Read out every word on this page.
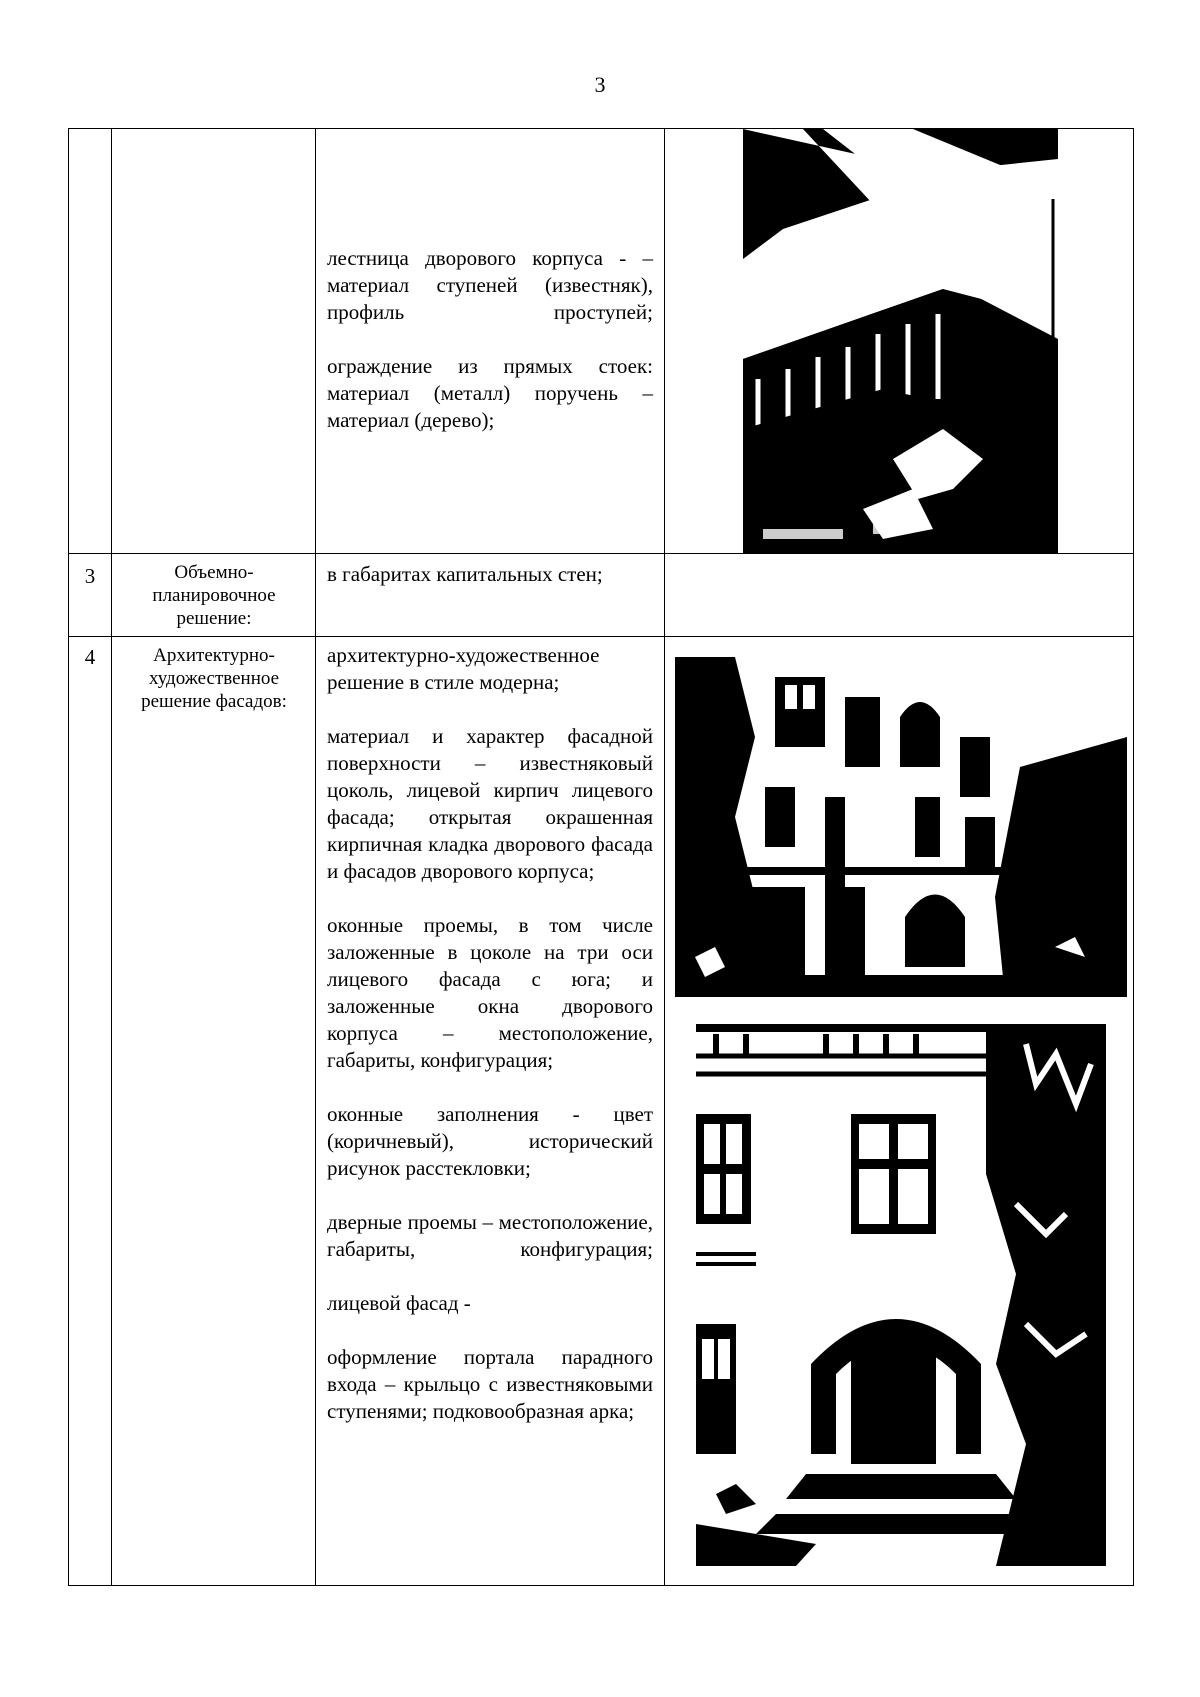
3

лестница дворового корпуса - – материал ступеней (известняк), профиль проступей;

ограждение из прямых стоек: материал (металл) поручень – материал (дерево);

3	Объемно-планировочное решение:

в габаритах капитальных стен;

4	Архитектурно-художественное решение фасадов:

архитектурно-художественное решение в стиле модерна;

материал и характер фасадной поверхности – известняковый цоколь, лицевой кирпич лицевого фасада; открытая окрашенная кирпичная кладка дворового фасада и фасадов дворового корпуса;

оконные проемы, в том числе заложенные в цоколе на три оси лицевого фасада с юга; и заложенные окна дворового корпуса – местоположение, габариты, конфигурация;

оконные заполнения - цвет (коричневый), исторический рисунок расстекловки;

дверные проемы – местоположение, габариты, конфигурация;

лицевой фасад -

оформление портала парадного входа – крыльцо с известняковыми ступенями; подковообразная арка;
